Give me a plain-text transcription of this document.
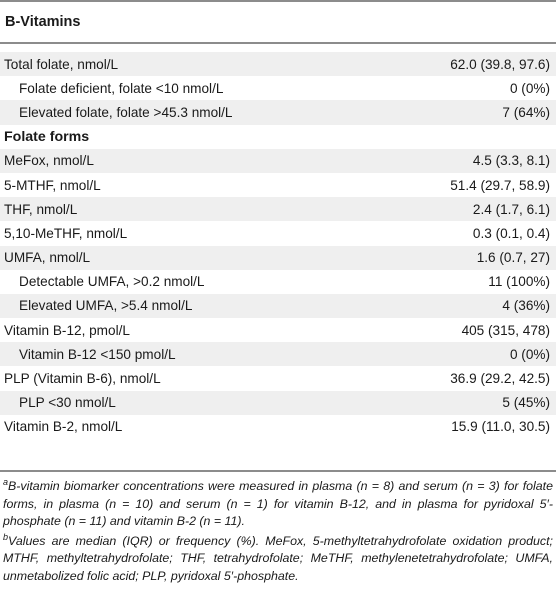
B-Vitamins
Total folate, nmol/L	62.0 (39.8, 97.6)
Folate deficient, folate <10 nmol/L	0 (0%)
Elevated folate, folate >45.3 nmol/L	7 (64%)
Folate forms
MeFox, nmol/L	4.5 (3.3, 8.1)
5-MTHF, nmol/L	51.4 (29.7, 58.9)
THF, nmol/L	2.4 (1.7, 6.1)
5,10-MeTHF, nmol/L	0.3 (0.1, 0.4)
UMFA, nmol/L	1.6 (0.7, 27)
Detectable UMFA, >0.2 nmol/L	11 (100%)
Elevated UMFA, >5.4 nmol/L	4 (36%)
Vitamin B-12, pmol/L	405 (315, 478)
Vitamin B-12 <150 pmol/L	0 (0%)
PLP (Vitamin B-6), nmol/L	36.9 (29.2, 42.5)
PLP <30 nmol/L	5 (45%)
Vitamin B-2, nmol/L	15.9 (11.0, 30.5)

$^a$B-vitamin biomarker concentrations were measured in plasma (n = 8) and serum (n = 3) for folate forms, in plasma (n = 10) and serum (n = 1) for vitamin B-12, and in plasma for pyridoxal 5′-phosphate (n = 11) and vitamin B-2 (n = 11).

$^b$Values are median (IQR) or frequency (%). MeFox, 5-methyltetrahydrofolate oxidation product; MTHF, methyltetrahydrofolate; THF, tetrahydrofolate; MeTHF, methylenetetrahydrofolate; UMFA, unmetabolized folic acid; PLP, pyridoxal 5′-phosphate.
